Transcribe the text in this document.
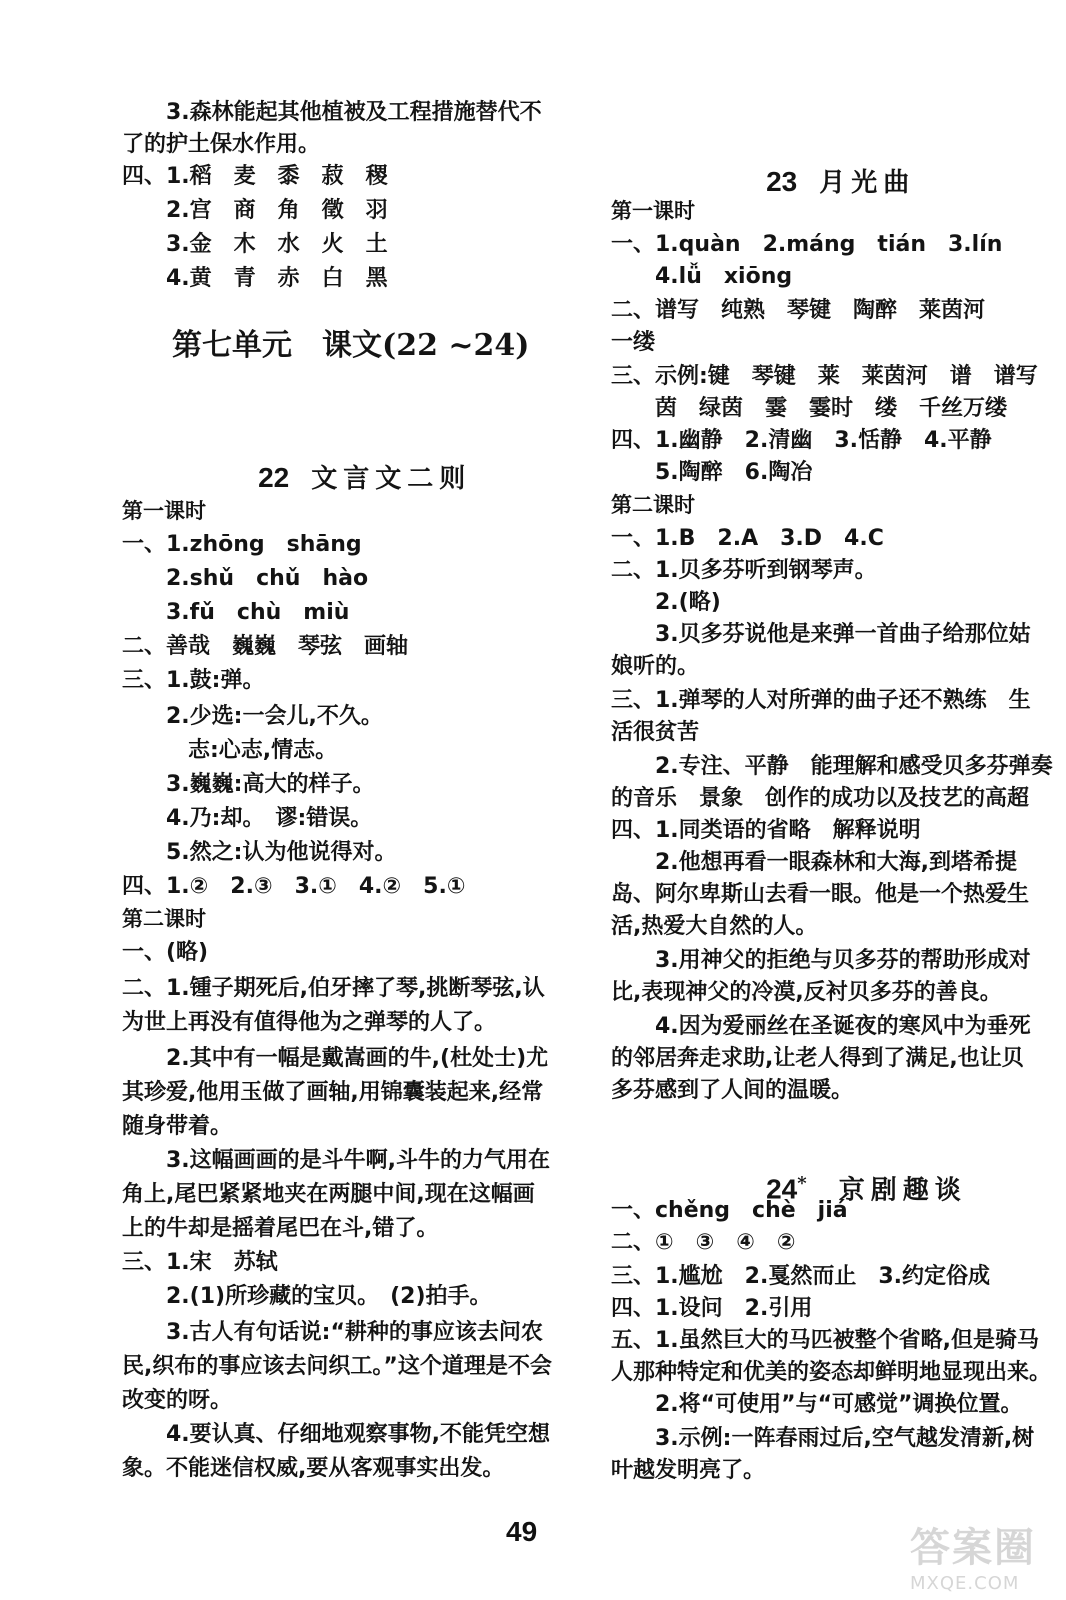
　　3.森林能起其他植被及工程措施替代不
了的护土保水作用。
四、1.稻　麦　黍　菽　稷
　　2.宫　商　角　徵　羽
　　3.金　木　水　火　土
　　4.黄　青　赤　白　黑
第一课时
一、1.zhōng　shāng
　　2.shǔ　chǔ　hào
　　3.fǔ　chù　miù
二、善哉　巍巍　琴弦　画轴
三、1.鼓:弹。
　　2.少选:一会儿,不久。
　　　志:心志,情志。
　　3.巍巍:高大的样子。
　　4.乃:却。　谬:错误。
　　5.然之:认为他说得对。
四、1.②　2.③　3.①　4.②　5.①
第二课时
一、(略)
二、1.锺子期死后,伯牙摔了琴,挑断琴弦,认
为世上再没有值得他为之弹琴的人了。
　　2.其中有一幅是戴嵩画的牛,(杜处士)尤
其珍爱,他用玉做了画轴,用锦囊装起来,经常
随身带着。
　　3.这幅画画的是斗牛啊,斗牛的力气用在
角上,尾巴紧紧地夹在两腿中间,现在这幅画
上的牛却是摇着尾巴在斗,错了。
三、1.宋　苏轼
　　2.(1)所珍藏的宝贝。　(2)拍手。
　　3.古人有句话说:“耕种的事应该去问农
民,织布的事应该去问织工。”这个道理是不会
改变的呀。
　　4.要认真、仔细地观察事物,不能凭空想
象。不能迷信权威,要从客观事实出发。
第七单元　课文(22 ~24)

22 文言文二则

23 月光曲

24* 京剧趣谈

第一课时
一、1.quàn　2.máng　tián　3.lín
　　4.lǚ　xiōng
二、谱写　纯熟　琴键　陶醉　莱茵河
一缕
三、示例:键　琴键　莱　莱茵河　谱　谱写
　　茵　绿茵　霎　霎时　缕　千丝万缕
四、1.幽静　2.清幽　3.恬静　4.平静
　　5.陶醉　6.陶冶
第二课时
一、1.B　2.A　3.D　4.C
二、1.贝多芬听到钢琴声。
　　2.(略)
　　3.贝多芬说他是来弹一首曲子给那位姑
娘听的。
三、1.弹琴的人对所弹的曲子还不熟练　生
活很贫苦
　　2.专注、平静　能理解和感受贝多芬弹奏
的音乐　景象　创作的成功以及技艺的高超
四、1.同类语的省略　解释说明
　　2.他想再看一眼森林和大海,到塔希提
岛、阿尔卑斯山去看一眼。他是一个热爱生
活,热爱大自然的人。
　　3.用神父的拒绝与贝多芬的帮助形成对
比,表现神父的冷漠,反衬贝多芬的善良。
　　4.因为爱丽丝在圣诞夜的寒风中为垂死
的邻居奔走求助,让老人得到了满足,也让贝
多芬感到了人间的温暖。
一、chěng　chè　jiá
二、①　③　④　②
三、1.尴尬　2.戛然而止　3.约定俗成
四、1.设问　2.引用
五、1.虽然巨大的马匹被整个省略,但是骑马
人那种特定和优美的姿态却鲜明地显现出来。
　　2.将“可使用”与“可感觉”调换位置。
　　3.示例:一阵春雨过后,空气越发清新,树
叶越发明亮了。
49	答案圈
MXQE.COM
